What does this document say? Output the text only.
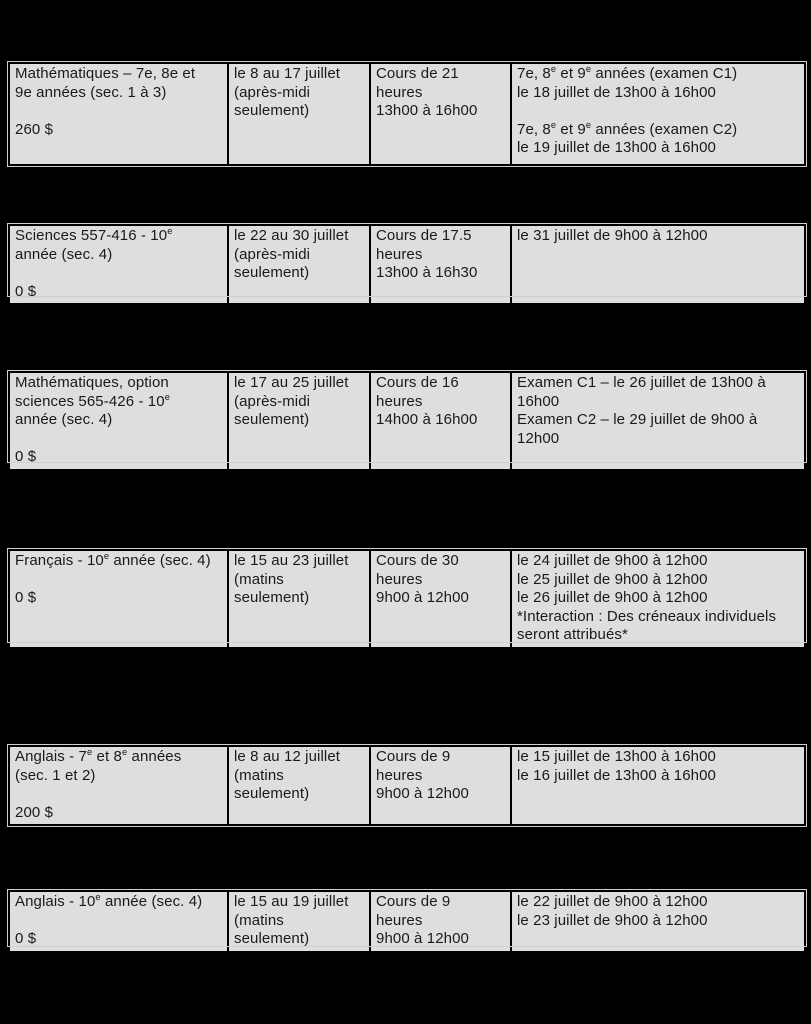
Mathématiques – 7e, 8e et
9e années (sec. 1 à 3)

260 $
le 8 au 17 juillet
(après-midi
seulement)
Cours de 21
heures
13h00 à 16h00
7e, 8e et 9e années (examen C1)
le 18 juillet de 13h00 à 16h00

7e, 8e et 9e années (examen C2)
le 19 juillet de 13h00 à 16h00
Sciences 557-416 - 10e
année (sec. 4)

0 $
le 22 au 30 juillet
(après-midi
seulement)
Cours de 17.5
heures
13h00 à 16h30
le 31 juillet de 9h00 à 12h00
Mathématiques, option
sciences 565-426 - 10e
année (sec. 4)

0 $
le 17 au 25 juillet
(après-midi
seulement)
Cours de 16
heures
14h00 à 16h00
Examen C1 – le 26 juillet de 13h00 à
16h00
Examen C2 – le 29 juillet de 9h00 à
12h00
Français - 10e année (sec. 4)

0 $
le 15 au 23 juillet
(matins
seulement)
Cours de 30
heures
9h00 à 12h00
le 24 juillet de 9h00 à 12h00
le 25 juillet de 9h00 à 12h00
le 26 juillet de 9h00 à 12h00
*Interaction : Des créneaux individuels
seront attribués*
Anglais - 7e et 8e années
(sec. 1 et 2)

200 $
le 8 au 12 juillet
(matins
seulement)
Cours de 9
heures
9h00 à 12h00
le 15 juillet de 13h00 à 16h00
le 16 juillet de 13h00 à 16h00
Anglais - 10e année (sec. 4)

0 $
le 15 au 19 juillet
(matins
seulement)
Cours de 9
heures
9h00 à 12h00
le 22 juillet de 9h00 à 12h00
le 23 juillet de 9h00 à 12h00
